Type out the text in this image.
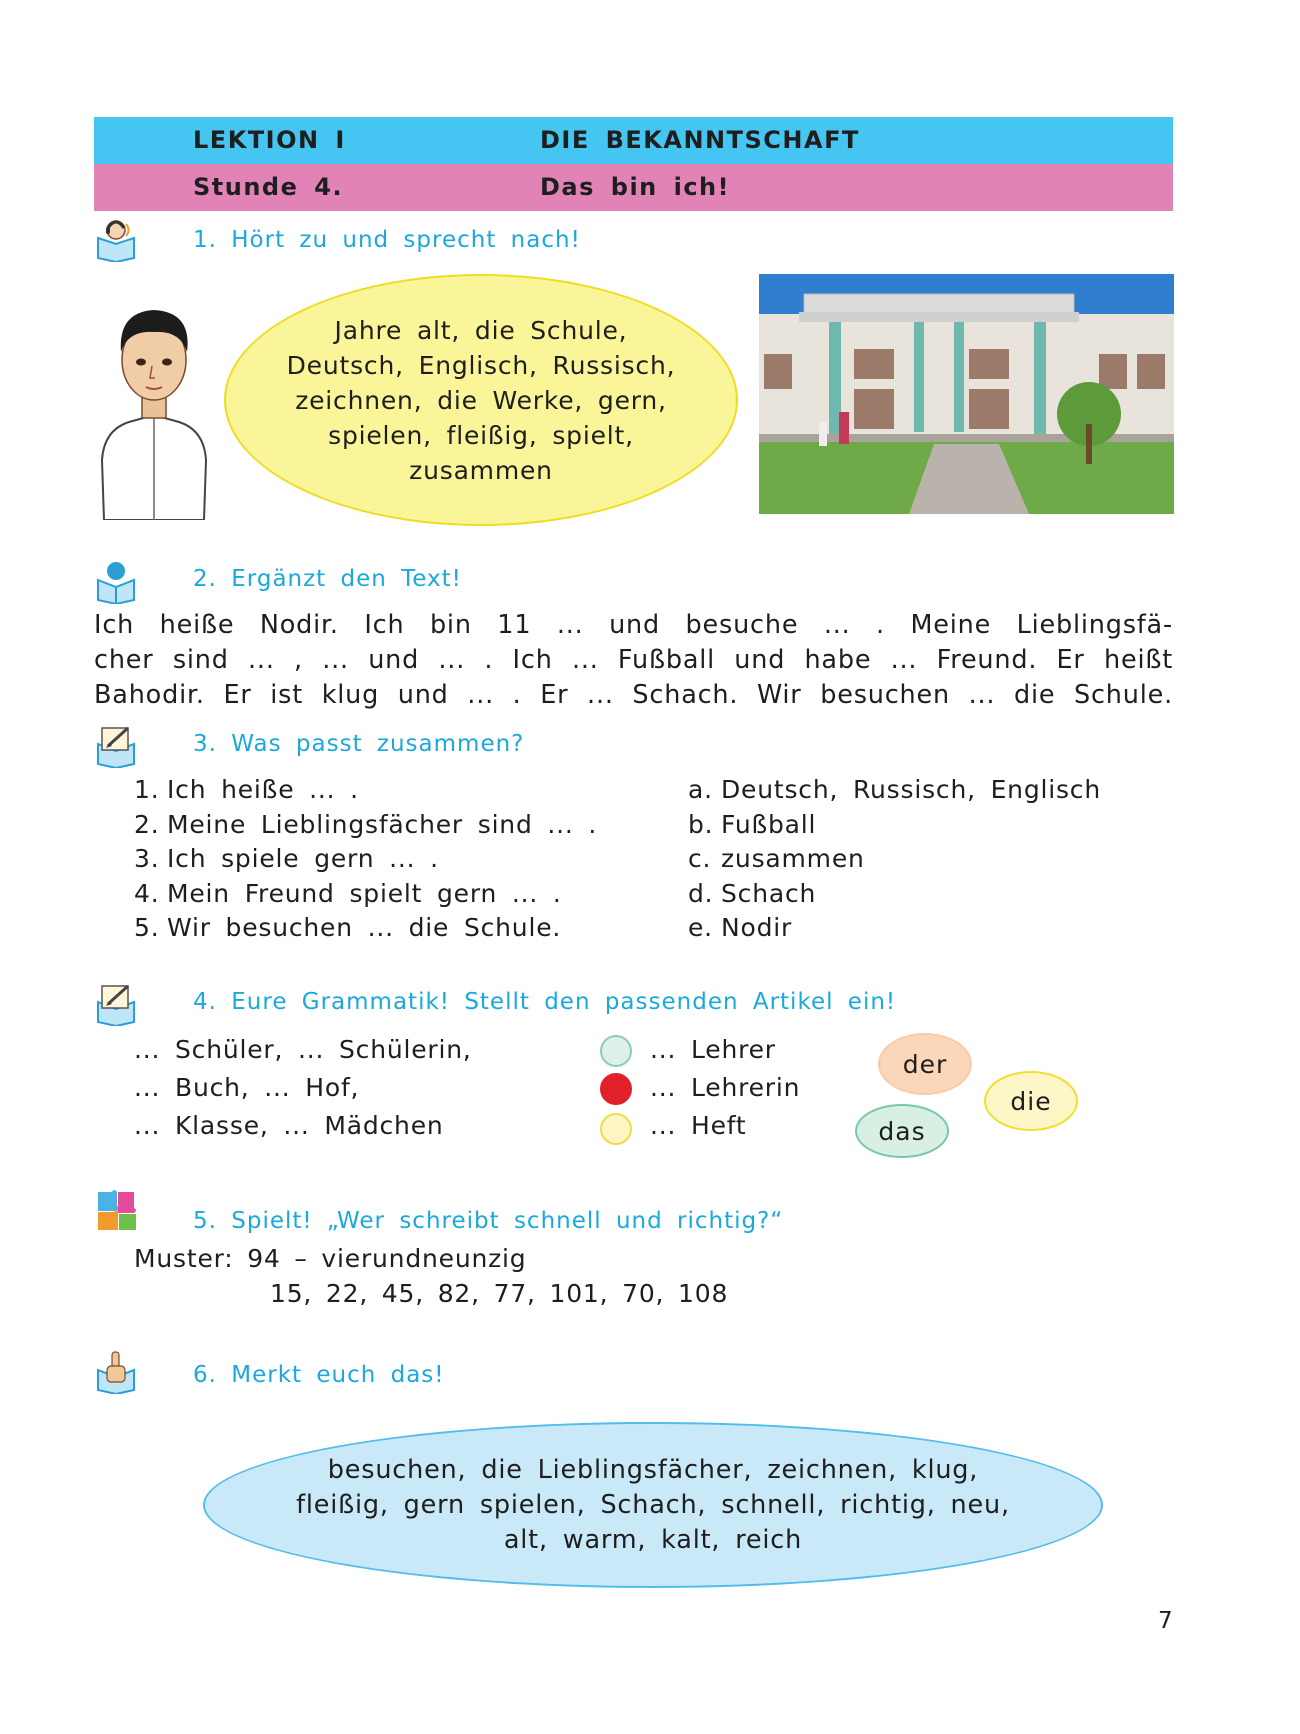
LEKTION I	DIE BEKANNTSCHAFT
Stunde 4.	Das bin ich!
1. Hört zu und sprecht nach!
Jahre alt, die Schule,
Deutsch, Englisch, Russisch,
zeichnen, die Werke, gern,
spielen, fleißig, spielt,
zusammen
2. Ergänzt den Text!
Ich heiße Nodir. Ich bin 11 ... und besuche ... . Meine Lieblingsfä-
cher sind ... , ... und ... . Ich ... Fußball und habe ... Freund. Er heißt
Bahodir. Er ist klug und ... . Er ... Schach. Wir besuchen ... die Schule.
3. Was passt zusammen?
1. Ich heiße ... .
2. Meine Lieblingsfächer sind ... .
3. Ich spiele gern ... .
4. Mein Freund spielt gern ... .
5. Wir besuchen ... die Schule.
a. Deutsch, Russisch, Englisch
b. Fußball
c. zusammen
d. Schach
e. Nodir
4. Eure Grammatik! Stellt den passenden Artikel ein!
... Schüler, ... Schülerin,
... Buch, ... Hof,
... Klasse, ... Mädchen
... Lehrer
... Lehrerin
... Heft
der
die
das
5. Spielt! „Wer schreibt schnell und richtig?“
Muster: 94 – vierundneunzig
15, 22, 45, 82, 77, 101, 70, 108
6. Merkt euch das!
besuchen, die Lieblingsfächer, zeichnen, klug,
fleißig, gern spielen, Schach, schnell, richtig, neu,
alt, warm, kalt, reich
7
